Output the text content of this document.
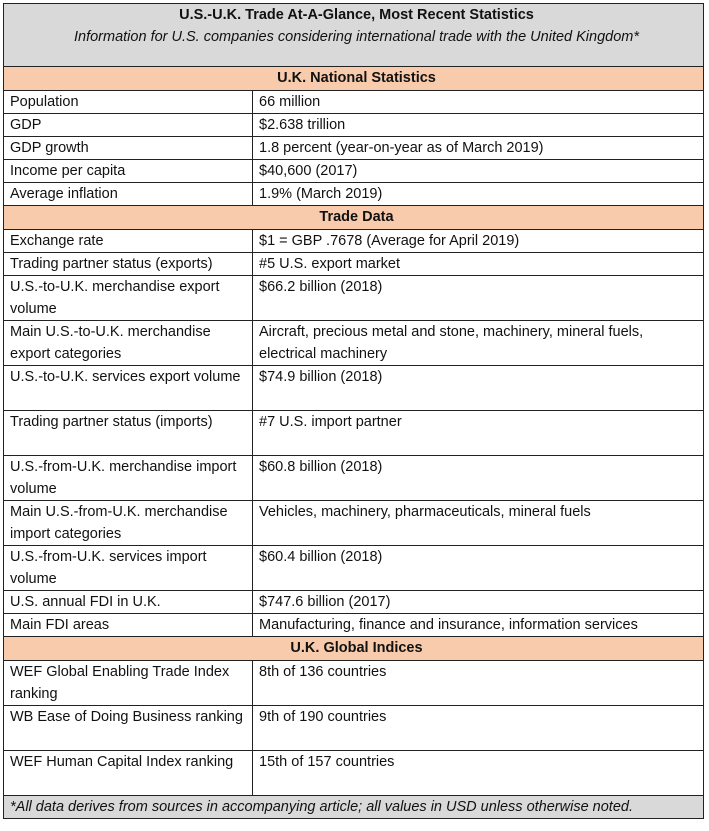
U.S.-U.K. Trade At-A-Glance, Most Recent Statistics
Information for U.S. companies considering international trade with the United Kingdom*	

U.K. National Statistics	
Population	66 million
GDP	$2.638 trillion
GDP growth	1.8 percent (year-on-year as of March 2019)
Income per capita	$40,600 (2017)
Average inflation	1.9% (March 2019)
Trade Data	
Exchange rate	$1 = GBP .7678 (Average for April 2019)
Trading partner status (exports)	#5 U.S. export market
U.S.-to-U.K. merchandise export volume	$66.2 billion (2018)
Main U.S.-to-U.K. merchandise export categories	Aircraft, precious metal and stone, machinery, mineral fuels, electrical machinery
U.S.-to-U.K. services export volume	$74.9 billion (2018)
Trading partner status (imports)	#7 U.S. import partner
U.S.-from-U.K. merchandise import volume	$60.8 billion (2018)
Main U.S.-from-U.K. merchandise import categories	Vehicles, machinery, pharmaceuticals, mineral fuels
U.S.-from-U.K. services import volume	$60.4 billion (2018)
U.S. annual FDI in U.K.	$747.6 billion (2017)
Main FDI areas	Manufacturing, finance and insurance, information services
U.K. Global Indices	
WEF Global Enabling Trade Index ranking	8th of 136 countries
WB Ease of Doing Business ranking	9th of 190 countries
WEF Human Capital Index ranking	15th of 157 countries
*All data derives from sources in accompanying article; all values in USD unless otherwise noted.	
